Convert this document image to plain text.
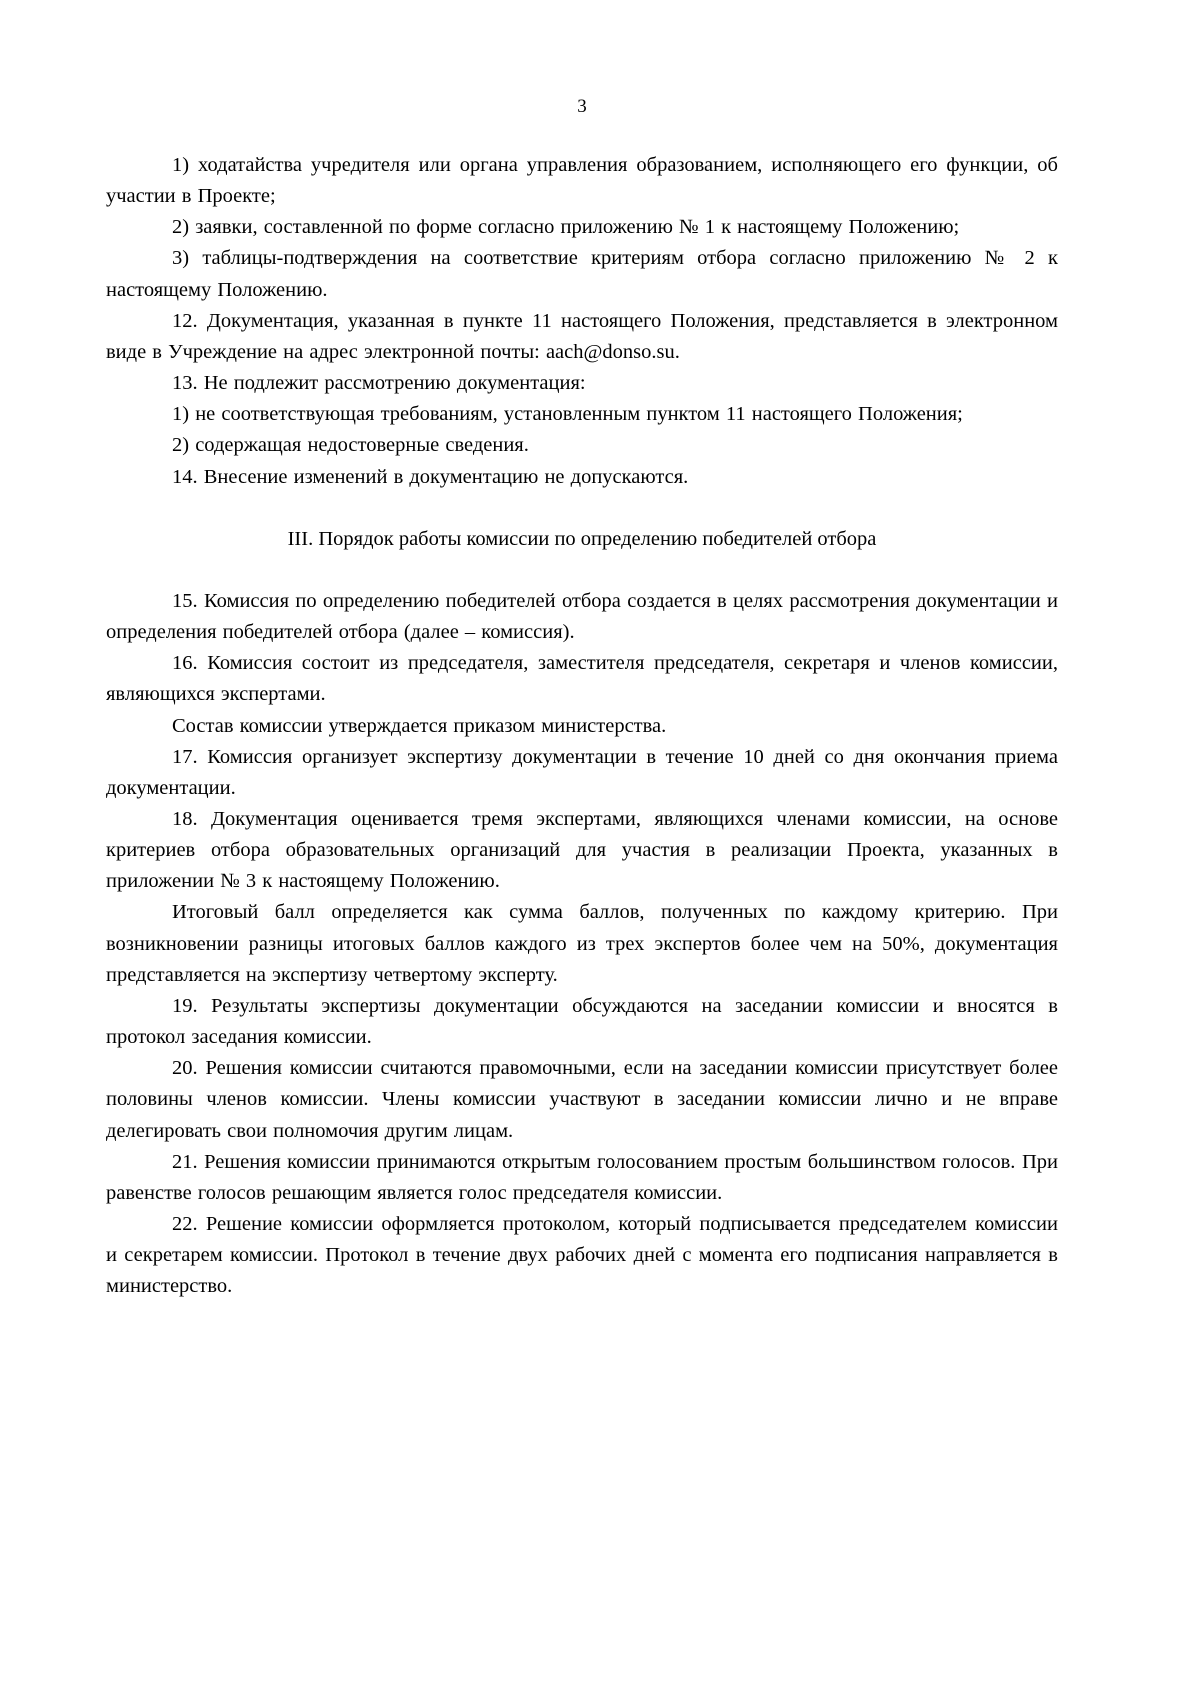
3

1) ходатайства учредителя или органа управления образованием, исполняющего его функции, об участии в Проекте;

2) заявки, составленной по форме согласно приложению № 1 к настоящему Положению;

3) таблицы-подтверждения на соответствие критериям отбора согласно приложению № 2 к настоящему Положению.

12. Документация, указанная в пункте 11 настоящего Положения, представляется в электронном виде в Учреждение на адрес электронной почты: aach@donso.su.

13. Не подлежит рассмотрению документация:

1) не соответствующая требованиям, установленным пунктом 11 настоящего Положения;

2) содержащая недостоверные сведения.

14. Внесение изменений в документацию не допускаются.

III. Порядок работы комиссии по определению победителей отбора

15. Комиссия по определению победителей отбора создается в целях рассмотрения документации и определения победителей отбора (далее – комиссия).

16. Комиссия состоит из председателя, заместителя председателя, секретаря и членов комиссии, являющихся экспертами.

Состав комиссии утверждается приказом министерства.

17. Комиссия организует экспертизу документации в течение 10 дней со дня окончания приема документации.

18. Документация оценивается тремя экспертами, являющихся членами комиссии, на основе критериев отбора образовательных организаций для участия в реализации Проекта, указанных в приложении № 3 к настоящему Положению.

Итоговый балл определяется как сумма баллов, полученных по каждому критерию. При возникновении разницы итоговых баллов каждого из трех экспертов более чем на 50%, документация представляется на экспертизу четвертому эксперту.

19. Результаты экспертизы документации обсуждаются на заседании комиссии и вносятся в протокол заседания комиссии.

20. Решения комиссии считаются правомочными, если на заседании комиссии присутствует более половины членов комиссии. Члены комиссии участвуют в заседании комиссии лично и не вправе делегировать свои полномочия другим лицам.

21. Решения комиссии принимаются открытым голосованием простым большинством голосов. При равенстве голосов решающим является голос председателя комиссии.

22. Решение комиссии оформляется протоколом, который подписывается председателем комиссии и секретарем комиссии. Протокол в течение двух рабочих дней с момента его подписания направляется в министерство.
